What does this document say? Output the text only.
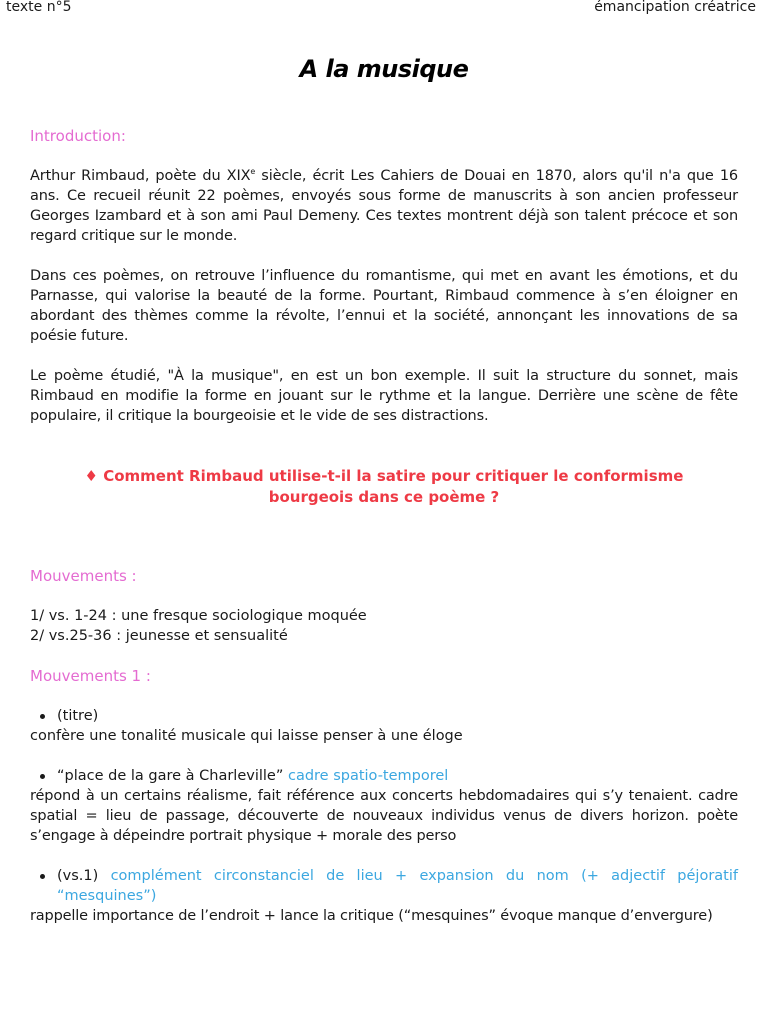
texte n°5	émancipation créatrice
A la musique
Introduction:

Arthur Rimbaud, poète du XIXe siècle, écrit Les Cahiers de Douai en 1870, alors qu'il n'a que 16 ans. Ce recueil réunit 22 poèmes, envoyés sous forme de manuscrits à son ancien professeur Georges Izambard et à son ami Paul Demeny. Ces textes montrent déjà son talent précoce et son regard critique sur le monde.

Dans ces poèmes, on retrouve l’influence du romantisme, qui met en avant les émotions, et du Parnasse, qui valorise la beauté de la forme. Pourtant, Rimbaud commence à s’en éloigner en abordant des thèmes comme la révolte, l’ennui et la société, annonçant les innovations de sa poésie future.

Le poème étudié, "À la musique", en est un bon exemple. Il suit la structure du sonnet, mais Rimbaud en modifie la forme en jouant sur le rythme et la langue. Derrière une scène de fête populaire, il critique la bourgeoisie et le vide de ses distractions.

♦ Comment Rimbaud utilise-t-il la satire pour critiquer le conformisme bourgeois dans ce poème ?
Mouvements :
1/ vs. 1-24 : une fresque sociologique moquée
2/ vs.25-36 : jeunesse et sensualité
Mouvements 1 :
(titre)
confère une tonalité musicale qui laisse penser à une éloge
“place de la gare à Charleville” cadre spatio-temporel

répond à un certains réalisme, fait référence aux concerts hebdomadaires qui s’y tenaient. cadre spatial = lieu de passage, découverte de nouveaux individus venus de divers horizon. poète s’engage à dépeindre portrait physique + morale des perso

(vs.1) complément circonstanciel de lieu + expansion du nom (+ adjectif péjoratif “mesquines”)

rappelle importance de l’endroit + lance la critique (“mesquines” évoque manque d’envergure)
